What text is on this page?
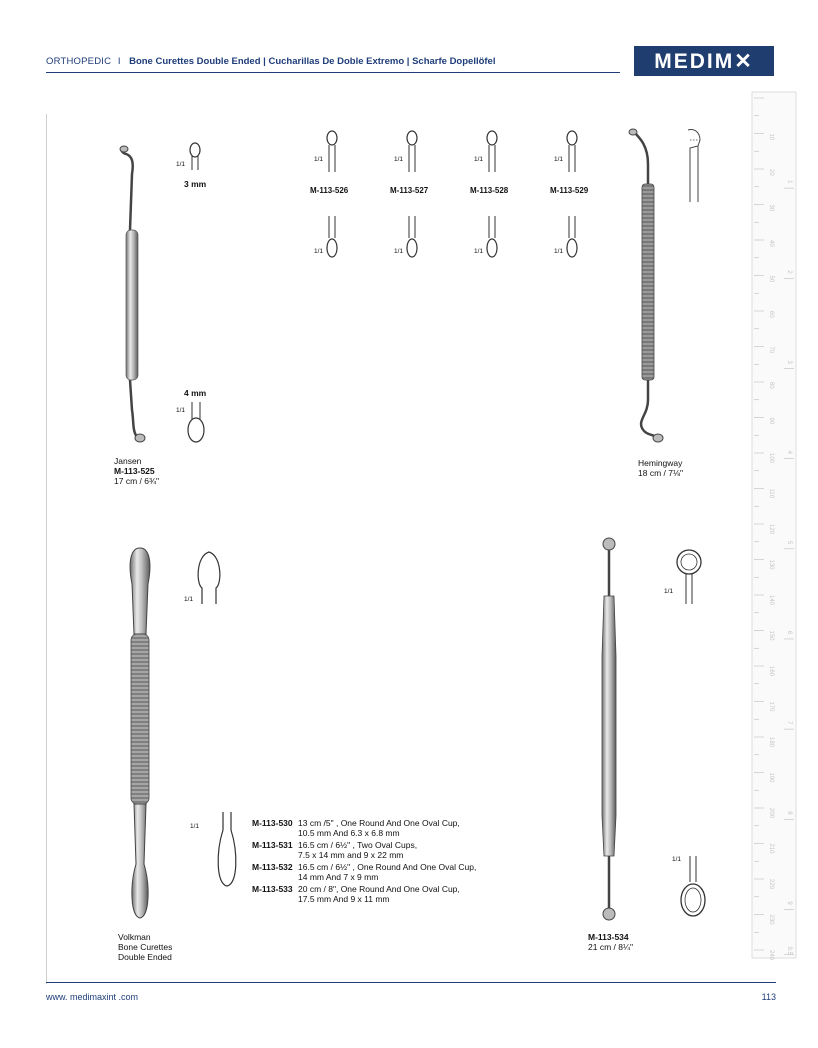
ORTHOPEDIC I Bone Curettes Double Ended | Cucharillas De Doble Extremo | Scharfe Dopellöfel	MEDIM✕
10
20
30
40
50
60
70
80
90
100
110
120
130
140
150
160
170
180
190
200
210
220
230
240
1
2
3
4
5
6
7
8
9
9.5
1/1
3 mm
4 mm
1/1
Jansen
M-113-525
17 cm / 6¾"
1/1
1/1
M-113-526
1/1
1/1
M-113-527
1/1
1/1
M-113-528
1/1
1/1
M-113-529
Hemingway
18 cm / 7⅛"
1/1
1/1	M-113-530 13 cm /5" , One Round And One Oval Cup,
10.5 mm And 6.3 x 6.8 mm
M-113-531 16.5 cm / 6½" , Two Oval Cups,
7.5 x 14 mm and 9 x 22 mm
M-113-532 16.5 cm / 6½" , One Round And One Oval Cup,
14 mm And 7 x 9 mm
M-113-533 20 cm / 8", One Round And One Oval Cup,
17.5 mm And 9 x 11 mm
Volkman
Bone Curettes
Double Ended
1/1
1/1
M-113-534
21 cm / 8¼"
www. medimaxint .com	113
